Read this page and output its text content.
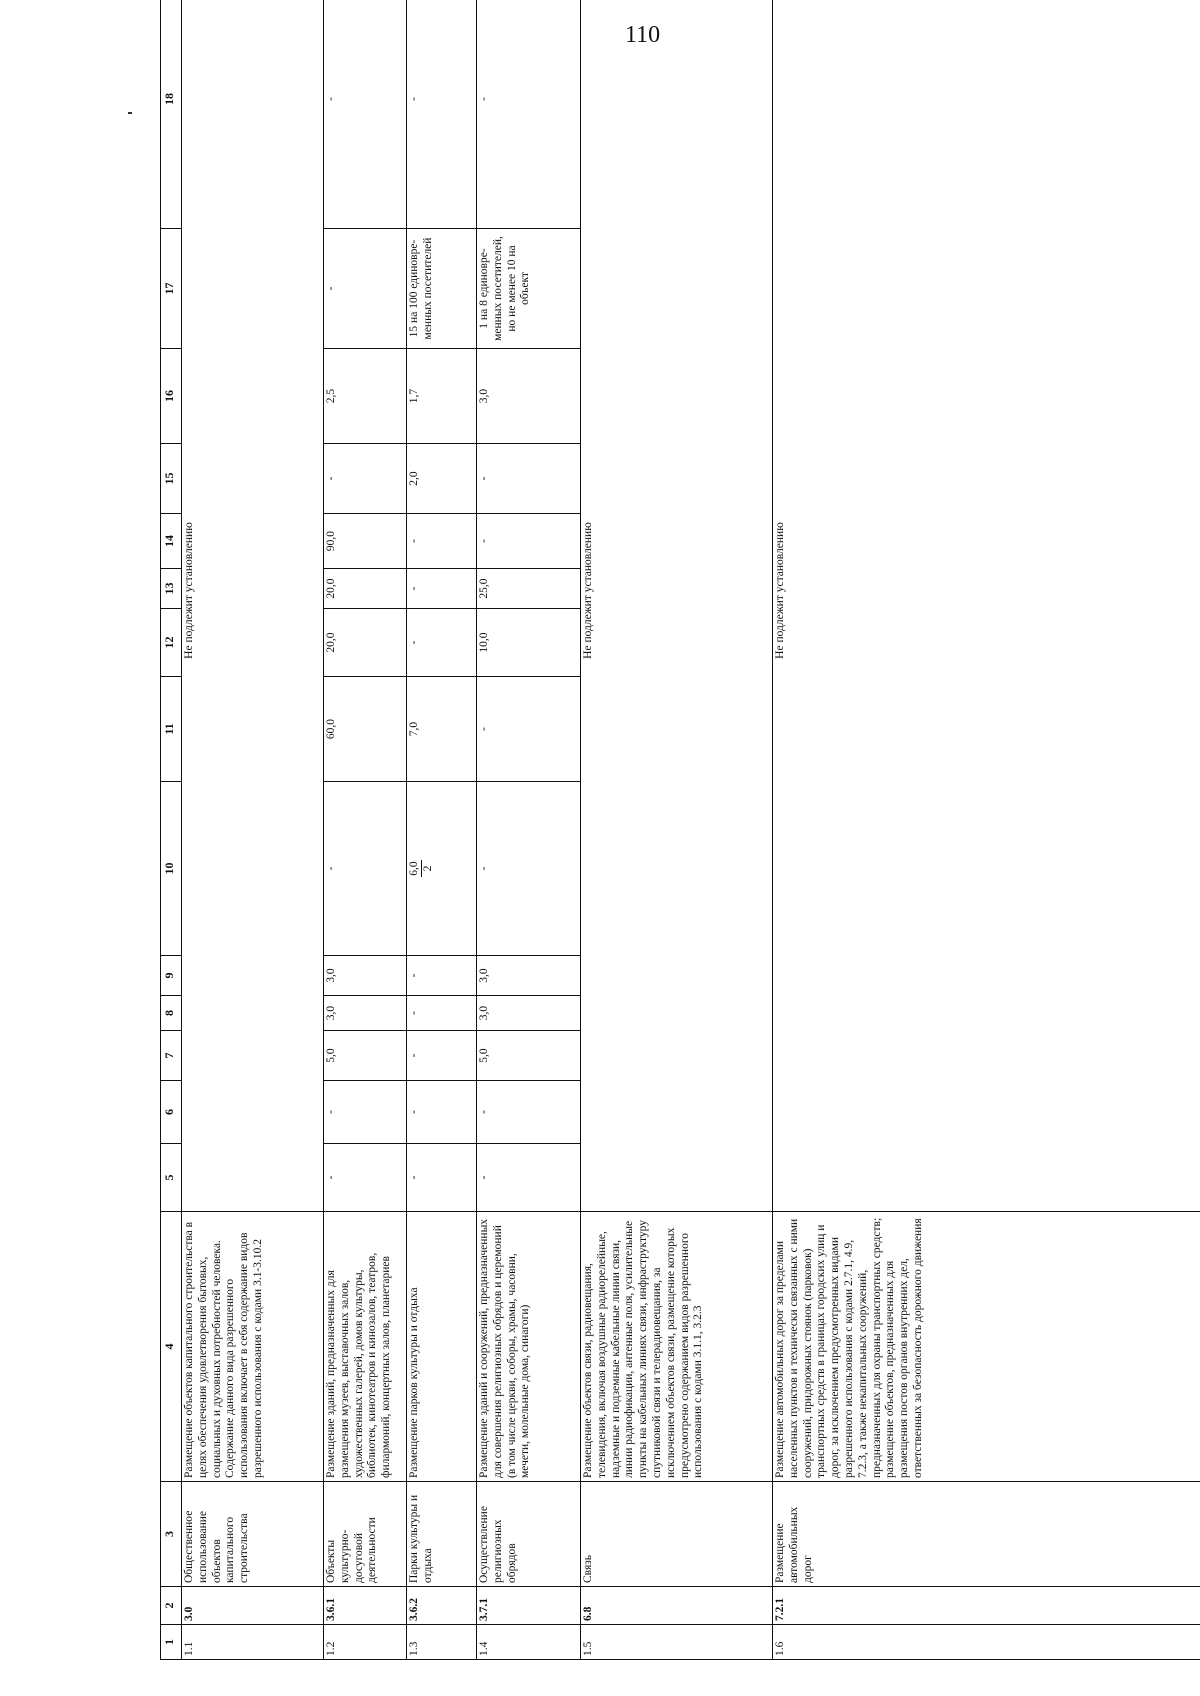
110
1	2	3	4	5	6	7	8	9	10	11	12	13	14	15	16	17	18
1.1	3.0	Общественное использование объектов капитального строительства	Размещение объектов капитального строительства в целях обеспечения удовлетворения бытовых, социальных и духовных потребностей человека. Содержание данного вида разрешенного использования включает в себя содержание видов разрешенного использования с кодами 3.1-3.10.2	Не подлежит установлению													
1.2	3.6.1	Объекты культурно-досуговой деятельности	Размещение зданий, предназначенных для размещения музеев, выставочных залов, художественных галерей, домов культуры, библиотек, кинотеатров и кинозалов, театров, филармоний, концертных залов, планетариев	-	-	5,0	3,0	3,0	-	60,0	20,0	20,0	90,0	-	2,5	-	-
1.3	3.6.2	Парки культуры и отдыха	Размещение парков культуры и отдыха	-	-	-	-	-	6,0 2	7,0	-	-	-	2,0	1,7	15 на 100 единовре-менных посетителей	-
1.4	3.7.1	Осуществление религиозных обрядов	Размещение зданий и сооружений, предназначенных для совершения религиозных обрядов и церемоний (в том числе церкви, соборы, храмы, часовни, мечети, молельные дома, синагоги)	-	-	5,0	3,0	3,0	-	-	10,0	25,0	-	-	3,0	1 на 8 единовре-менных посетителей, но не менее 10 на объект	-
1.5	6.8	Связь	Размещение объектов связи, радиовещания, телевидения, включая воздушные радиорелейные, надземные и подземные кабельные линии связи, линии радиофикации, антенные поля, усилительные пункты на кабельных линиях связи, инфраструктуру спутниковой связи и телерадиовещания, за исключением объектов связи, размещение которых предусмотрено содержанием видов разрешенного использования с кодами 3.1.1, 3.2.3	Не подлежит установлению													
1.6	7.2.1	Размещение автомобильных дорог	Размещение автомобильных дорог за пределами населенных пунктов и технически связанных с ними сооружений, придорожных стоянок (парковок) транспортных средств в границах городских улиц и дорог, за исключением предусмотренных видами разрешенного использования с кодами 2.7.1, 4.9, 7.2.3, а также некапитальных сооружений, предназначенных для охраны транспортных средств; размещение объектов, предназначенных для размещения постов органов внутренних дел, ответственных за безопасность дорожного движения	Не подлежит установлению													
